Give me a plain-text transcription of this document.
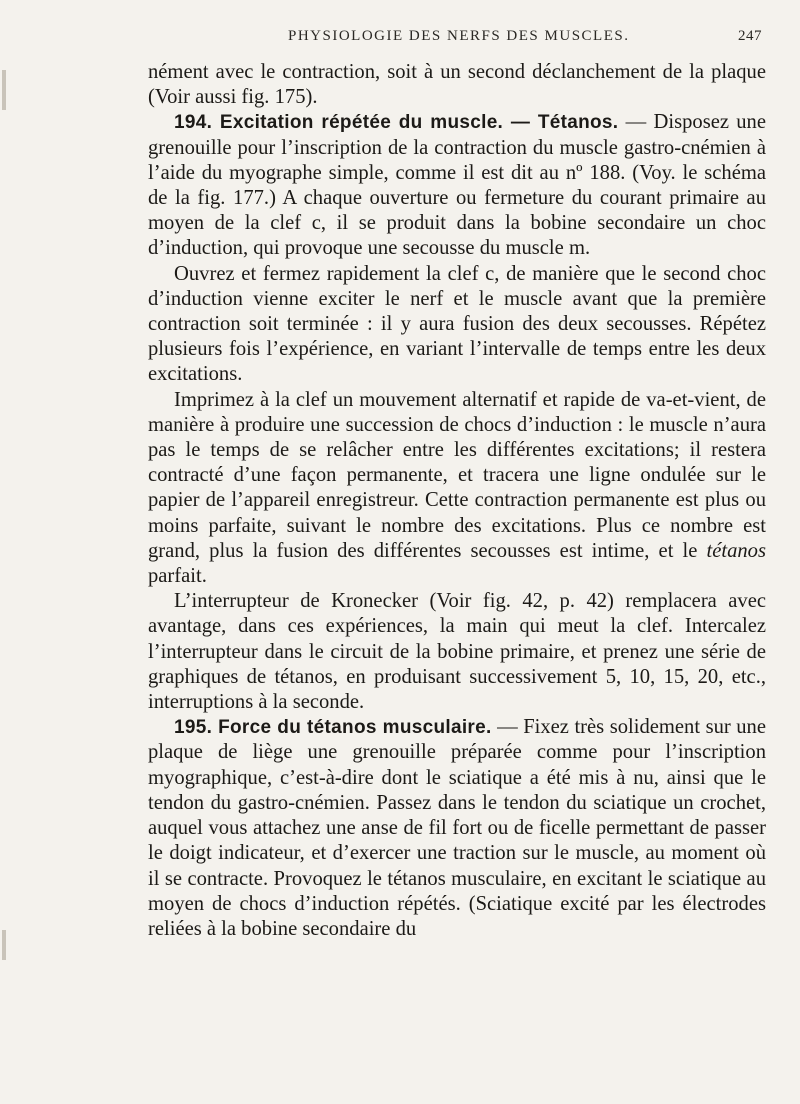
PHYSIOLOGIE DES NERFS DES MUSCLES.	247

nément avec le contraction, soit à un second déclanchement de la plaque (Voir aussi fig. 175).

194. Excitation répétée du muscle. — Tétanos. — Disposez une grenouille pour l’inscription de la contraction du muscle gastro-cnémien à l’aide du myographe simple, comme il est dit au nº 188. (Voy. le schéma de la fig. 177.) A chaque ouverture ou fermeture du courant primaire au moyen de la clef c, il se produit dans la bobine secondaire un choc d’induction, qui provoque une secousse du muscle m.

Ouvrez et fermez rapidement la clef c, de manière que le second choc d’induction vienne exciter le nerf et le muscle avant que la première contraction soit terminée : il y aura fusion des deux secousses. Répétez plusieurs fois l’expérience, en variant l’intervalle de temps entre les deux excitations.

Imprimez à la clef un mouvement alternatif et rapide de va-et-vient, de manière à produire une succession de chocs d’induction : le muscle n’aura pas le temps de se relâcher entre les différentes excitations; il restera contracté d’une façon permanente, et tracera une ligne ondulée sur le papier de l’appareil enregistreur. Cette contraction permanente est plus ou moins parfaite, suivant le nombre des excitations. Plus ce nombre est grand, plus la fusion des différentes secousses est intime, et le tétanos parfait.

L’interrupteur de Kronecker (Voir fig. 42, p. 42) remplacera avec avantage, dans ces expériences, la main qui meut la clef. Intercalez l’interrupteur dans le circuit de la bobine primaire, et prenez une série de graphiques de tétanos, en produisant successivement 5, 10, 15, 20, etc., interruptions à la seconde.

195. Force du tétanos musculaire. — Fixez très solidement sur une plaque de liège une grenouille préparée comme pour l’inscription myographique, c’est-à-dire dont le sciatique a été mis à nu, ainsi que le tendon du gastro-cnémien. Passez dans le tendon du sciatique un crochet, auquel vous attachez une anse de fil fort ou de ficelle permettant de passer le doigt indicateur, et d’exercer une traction sur le muscle, au moment où il se contracte. Provoquez le tétanos musculaire, en excitant le sciatique au moyen de chocs d’induction répétés. (Sciatique excité par les électrodes reliées à la bobine secondaire du
